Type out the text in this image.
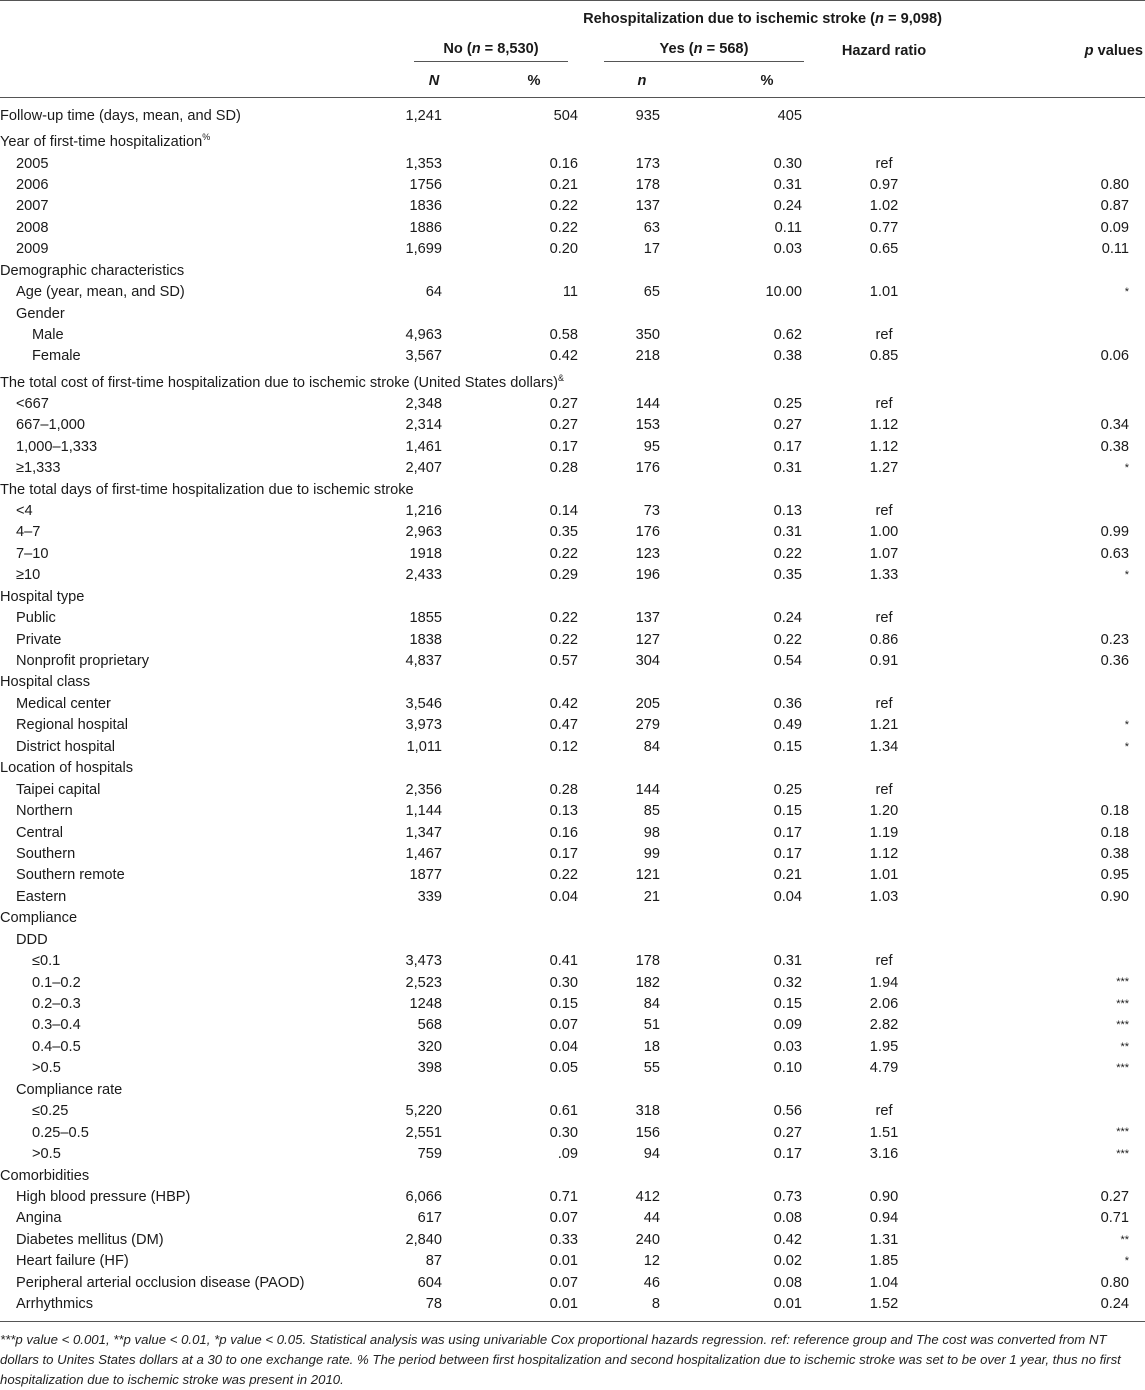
	Rehospitalization due to ischemic stroke (n = 9,098)					

	No (n = 8,530)		Yes (n = 568)		Hazard ratio	p values
	N	%	n	%		
Follow-up time (days, mean, and SD)	1,241	504	935	405		
Year of first-time hospitalization%						
2005	1,353	0.16	173	0.30	ref	
2006	1756	0.21	178	0.31	0.97	0.80
2007	1836	0.22	137	0.24	1.02	0.87
2008	1886	0.22	63	0.11	0.77	0.09
2009	1,699	0.20	17	0.03	0.65	0.11
Demographic characteristics						
Age (year, mean, and SD)	64	11	65	10.00	1.01	*
Gender						
Male	4,963	0.58	350	0.62	ref	
Female	3,567	0.42	218	0.38	0.85	0.06
The total cost of first-time hospitalization due to ischemic stroke (United States dollars)&						
<667	2,348	0.27	144	0.25	ref	
667–1,000	2,314	0.27	153	0.27	1.12	0.34
1,000–1,333	1,461	0.17	95	0.17	1.12	0.38
≥1,333	2,407	0.28	176	0.31	1.27	*
The total days of first-time hospitalization due to ischemic stroke						
<4	1,216	0.14	73	0.13	ref	
4–7	2,963	0.35	176	0.31	1.00	0.99
7–10	1918	0.22	123	0.22	1.07	0.63
≥10	2,433	0.29	196	0.35	1.33	*
Hospital type						
Public	1855	0.22	137	0.24	ref	
Private	1838	0.22	127	0.22	0.86	0.23
Nonprofit proprietary	4,837	0.57	304	0.54	0.91	0.36
Hospital class						
Medical center	3,546	0.42	205	0.36	ref	
Regional hospital	3,973	0.47	279	0.49	1.21	*
District hospital	1,011	0.12	84	0.15	1.34	*
Location of hospitals						
Taipei capital	2,356	0.28	144	0.25	ref	
Northern	1,144	0.13	85	0.15	1.20	0.18
Central	1,347	0.16	98	0.17	1.19	0.18
Southern	1,467	0.17	99	0.17	1.12	0.38
Southern remote	1877	0.22	121	0.21	1.01	0.95
Eastern	339	0.04	21	0.04	1.03	0.90
Compliance						
DDD						
≤0.1	3,473	0.41	178	0.31	ref	
0.1–0.2	2,523	0.30	182	0.32	1.94	***
0.2–0.3	1248	0.15	84	0.15	2.06	***
0.3–0.4	568	0.07	51	0.09	2.82	***
0.4–0.5	320	0.04	18	0.03	1.95	**
>0.5	398	0.05	55	0.10	4.79	***
Compliance rate						
≤0.25	5,220	0.61	318	0.56	ref	
0.25–0.5	2,551	0.30	156	0.27	1.51	***
>0.5	759	.09	94	0.17	3.16	***
Comorbidities						
High blood pressure (HBP)	6,066	0.71	412	0.73	0.90	0.27
Angina	617	0.07	44	0.08	0.94	0.71
Diabetes mellitus (DM)	2,840	0.33	240	0.42	1.31	**
Heart failure (HF)	87	0.01	12	0.02	1.85	*
Peripheral arterial occlusion disease (PAOD)	604	0.07	46	0.08	1.04	0.80
Arrhythmics	78	0.01	8	0.01	1.52	0.24
***p value < 0.001, **p value < 0.01, *p value < 0.05. Statistical analysis was using univariable Cox proportional hazards regression. ref: reference group and The cost was converted from NT dollars to Unites States dollars at a 30 to one exchange rate. % The period between first hospitalization and second hospitalization due to ischemic stroke was set to be over 1 year, thus no first hospitalization due to ischemic stroke was present in 2010.
